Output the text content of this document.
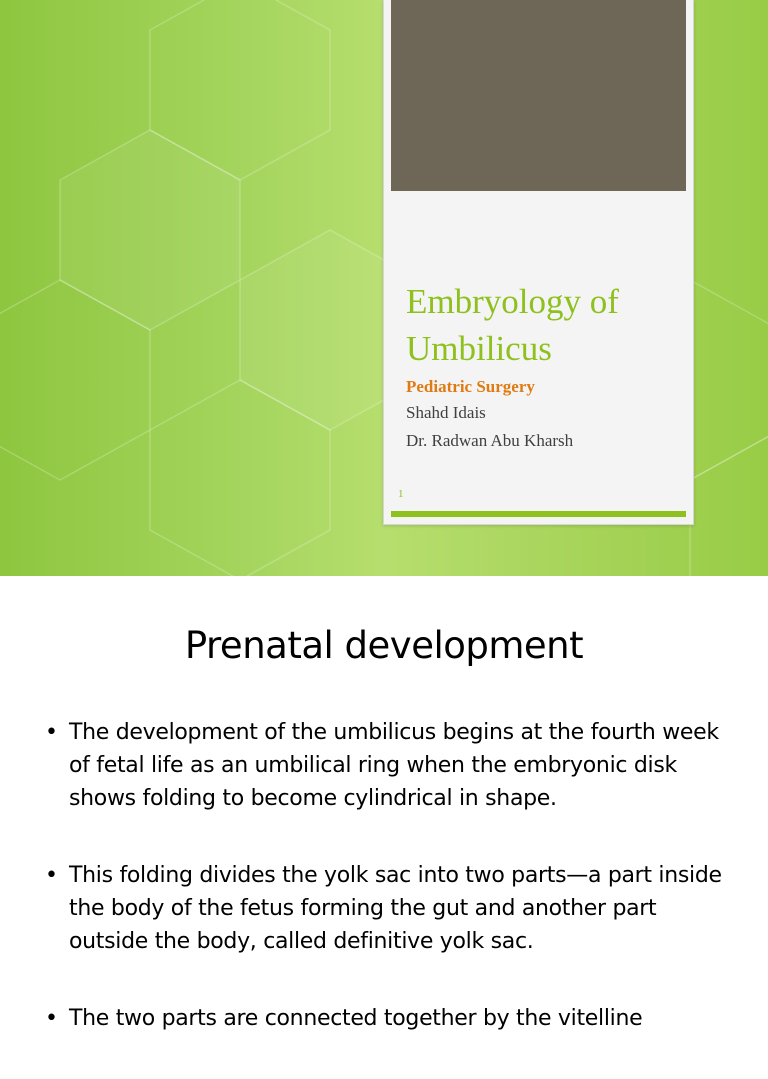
Embryology of Umbilicus
Pediatric Surgery
Shahd Idais
Dr. Radwan Abu Kharsh
1
Prenatal development
• The development of the umbilicus begins at the fourth week of fetal life as an umbilical ring when the embryonic disk shows folding to become cylindrical in shape.
• This folding divides the yolk sac into two parts—a part inside the body of the fetus forming the gut and another part outside the body, called definitive yolk sac.
• The two parts are connected together by the vitelline
